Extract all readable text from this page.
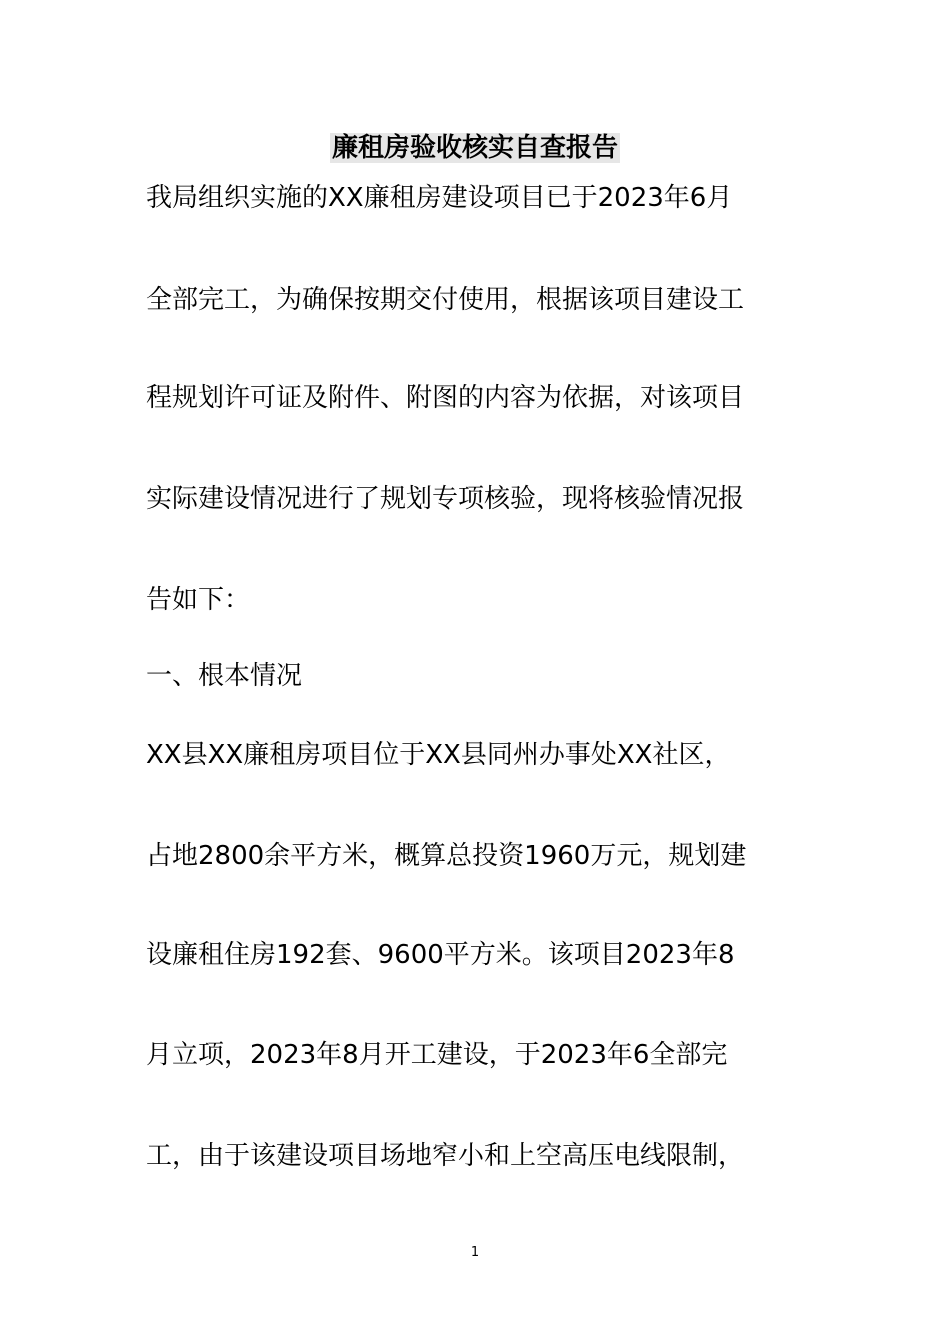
廉租房验收核实自查报告

我局组织实施的XX廉租房建设项目已于2023年6月

全部完工，为确保按期交付使用，根据该项目建设工

程规划许可证及附件、附图的内容为依据，对该项目

实际建设情况进行了规划专项核验，现将核验情况报

告如下：

一、根本情况

XX县XX廉租房项目位于XX县同州办事处XX社区，

占地2800余平方米，概算总投资1960万元，规划建

设廉租住房192套、9600平方米。该项目2023年8

月立项，2023年8月开工建设，于2023年6全部完

工，由于该建设项目场地窄小和上空高压电线限制，

1
